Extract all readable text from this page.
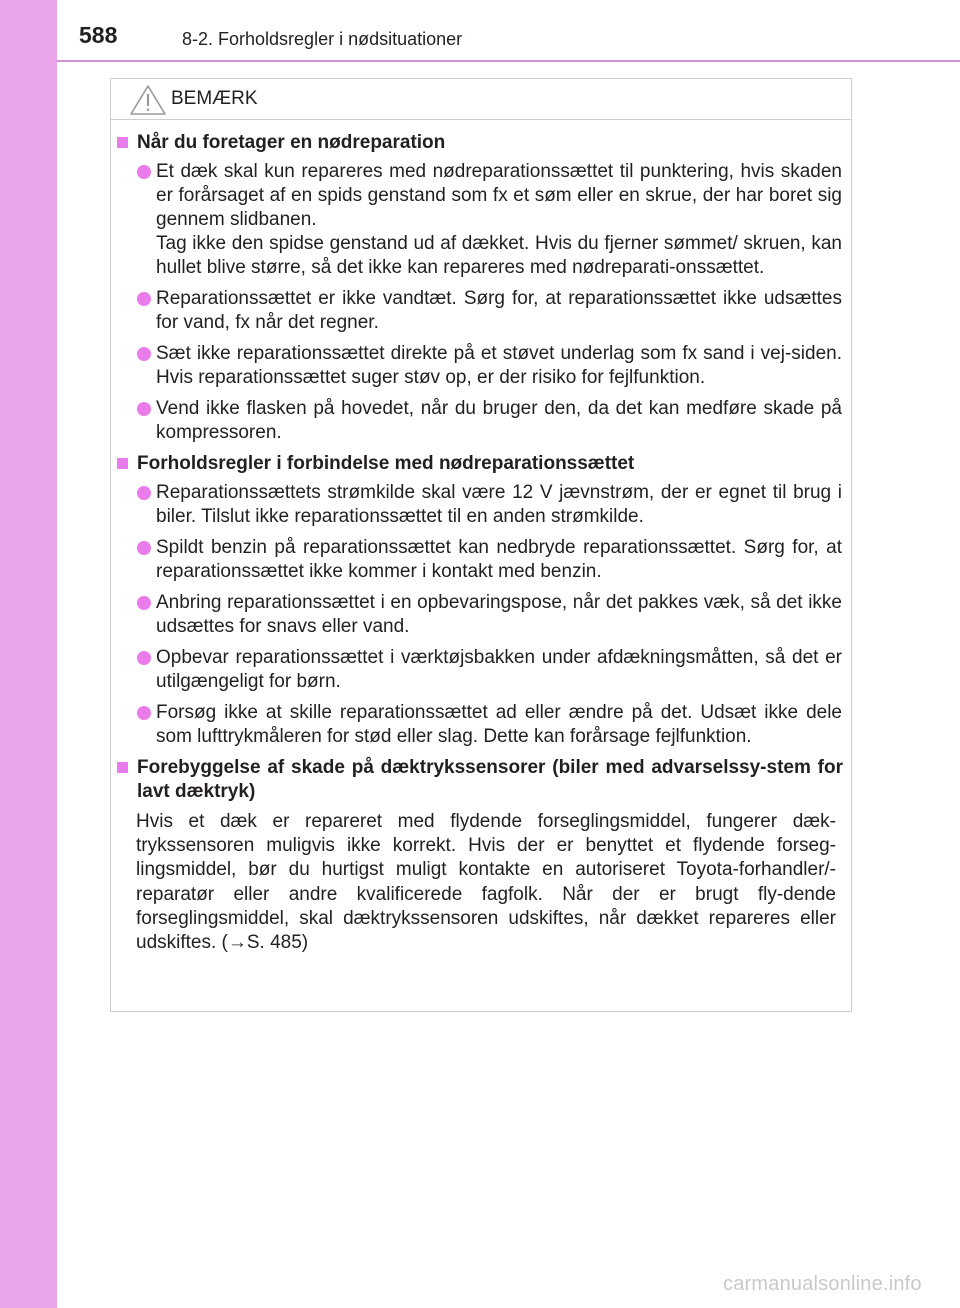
588	8-2. Forholdsregler i nødsituationer
BEMÆRK
Når du foretager en nødreparation
Et dæk skal kun repareres med nødreparationssættet til punktering, hvis skaden er forårsaget af en spids genstand som fx et søm eller en skrue, der har boret sig gennem slidbanen.
Tag ikke den spidse genstand ud af dækket. Hvis du fjerner sømmet/ skruen, kan hullet blive større, så det ikke kan repareres med nødreparati-onssættet.
Reparationssættet er ikke vandtæt. Sørg for, at reparationssættet ikke udsættes for vand, fx når det regner.
Sæt ikke reparationssættet direkte på et støvet underlag som fx sand i vej-siden. Hvis reparationssættet suger støv op, er der risiko for fejlfunktion.
Vend ikke flasken på hovedet, når du bruger den, da det kan medføre skade på kompressoren.
Forholdsregler i forbindelse med nødreparationssættet
Reparationssættets strømkilde skal være 12 V jævnstrøm, der er egnet til brug i biler. Tilslut ikke reparationssættet til en anden strømkilde.
Spildt benzin på reparationssættet kan nedbryde reparationssættet. Sørg for, at reparationssættet ikke kommer i kontakt med benzin.
Anbring reparationssættet i en opbevaringspose, når det pakkes væk, så det ikke udsættes for snavs eller vand.
Opbevar reparationssættet i værktøjsbakken under afdækningsmåtten, så det er utilgængeligt for børn.
Forsøg ikke at skille reparationssættet ad eller ændre på det. Udsæt ikke dele som lufttrykmåleren for stød eller slag. Dette kan forårsage fejlfunktion.
Forebyggelse af skade på dæktrykssensorer (biler med advarselssy-stem for lavt dæktryk)
Hvis et dæk er repareret med flydende forseglingsmiddel, fungerer dæk-trykssensoren muligvis ikke korrekt. Hvis der er benyttet et flydende forseg-lingsmiddel, bør du hurtigst muligt kontakte en autoriseret Toyota-forhandler/-reparatør eller andre kvalificerede fagfolk. Når der er brugt fly-dende forseglingsmiddel, skal dæktrykssensoren udskiftes, når dækket repareres eller udskiftes. (→S. 485)
carmanualsonline.info
